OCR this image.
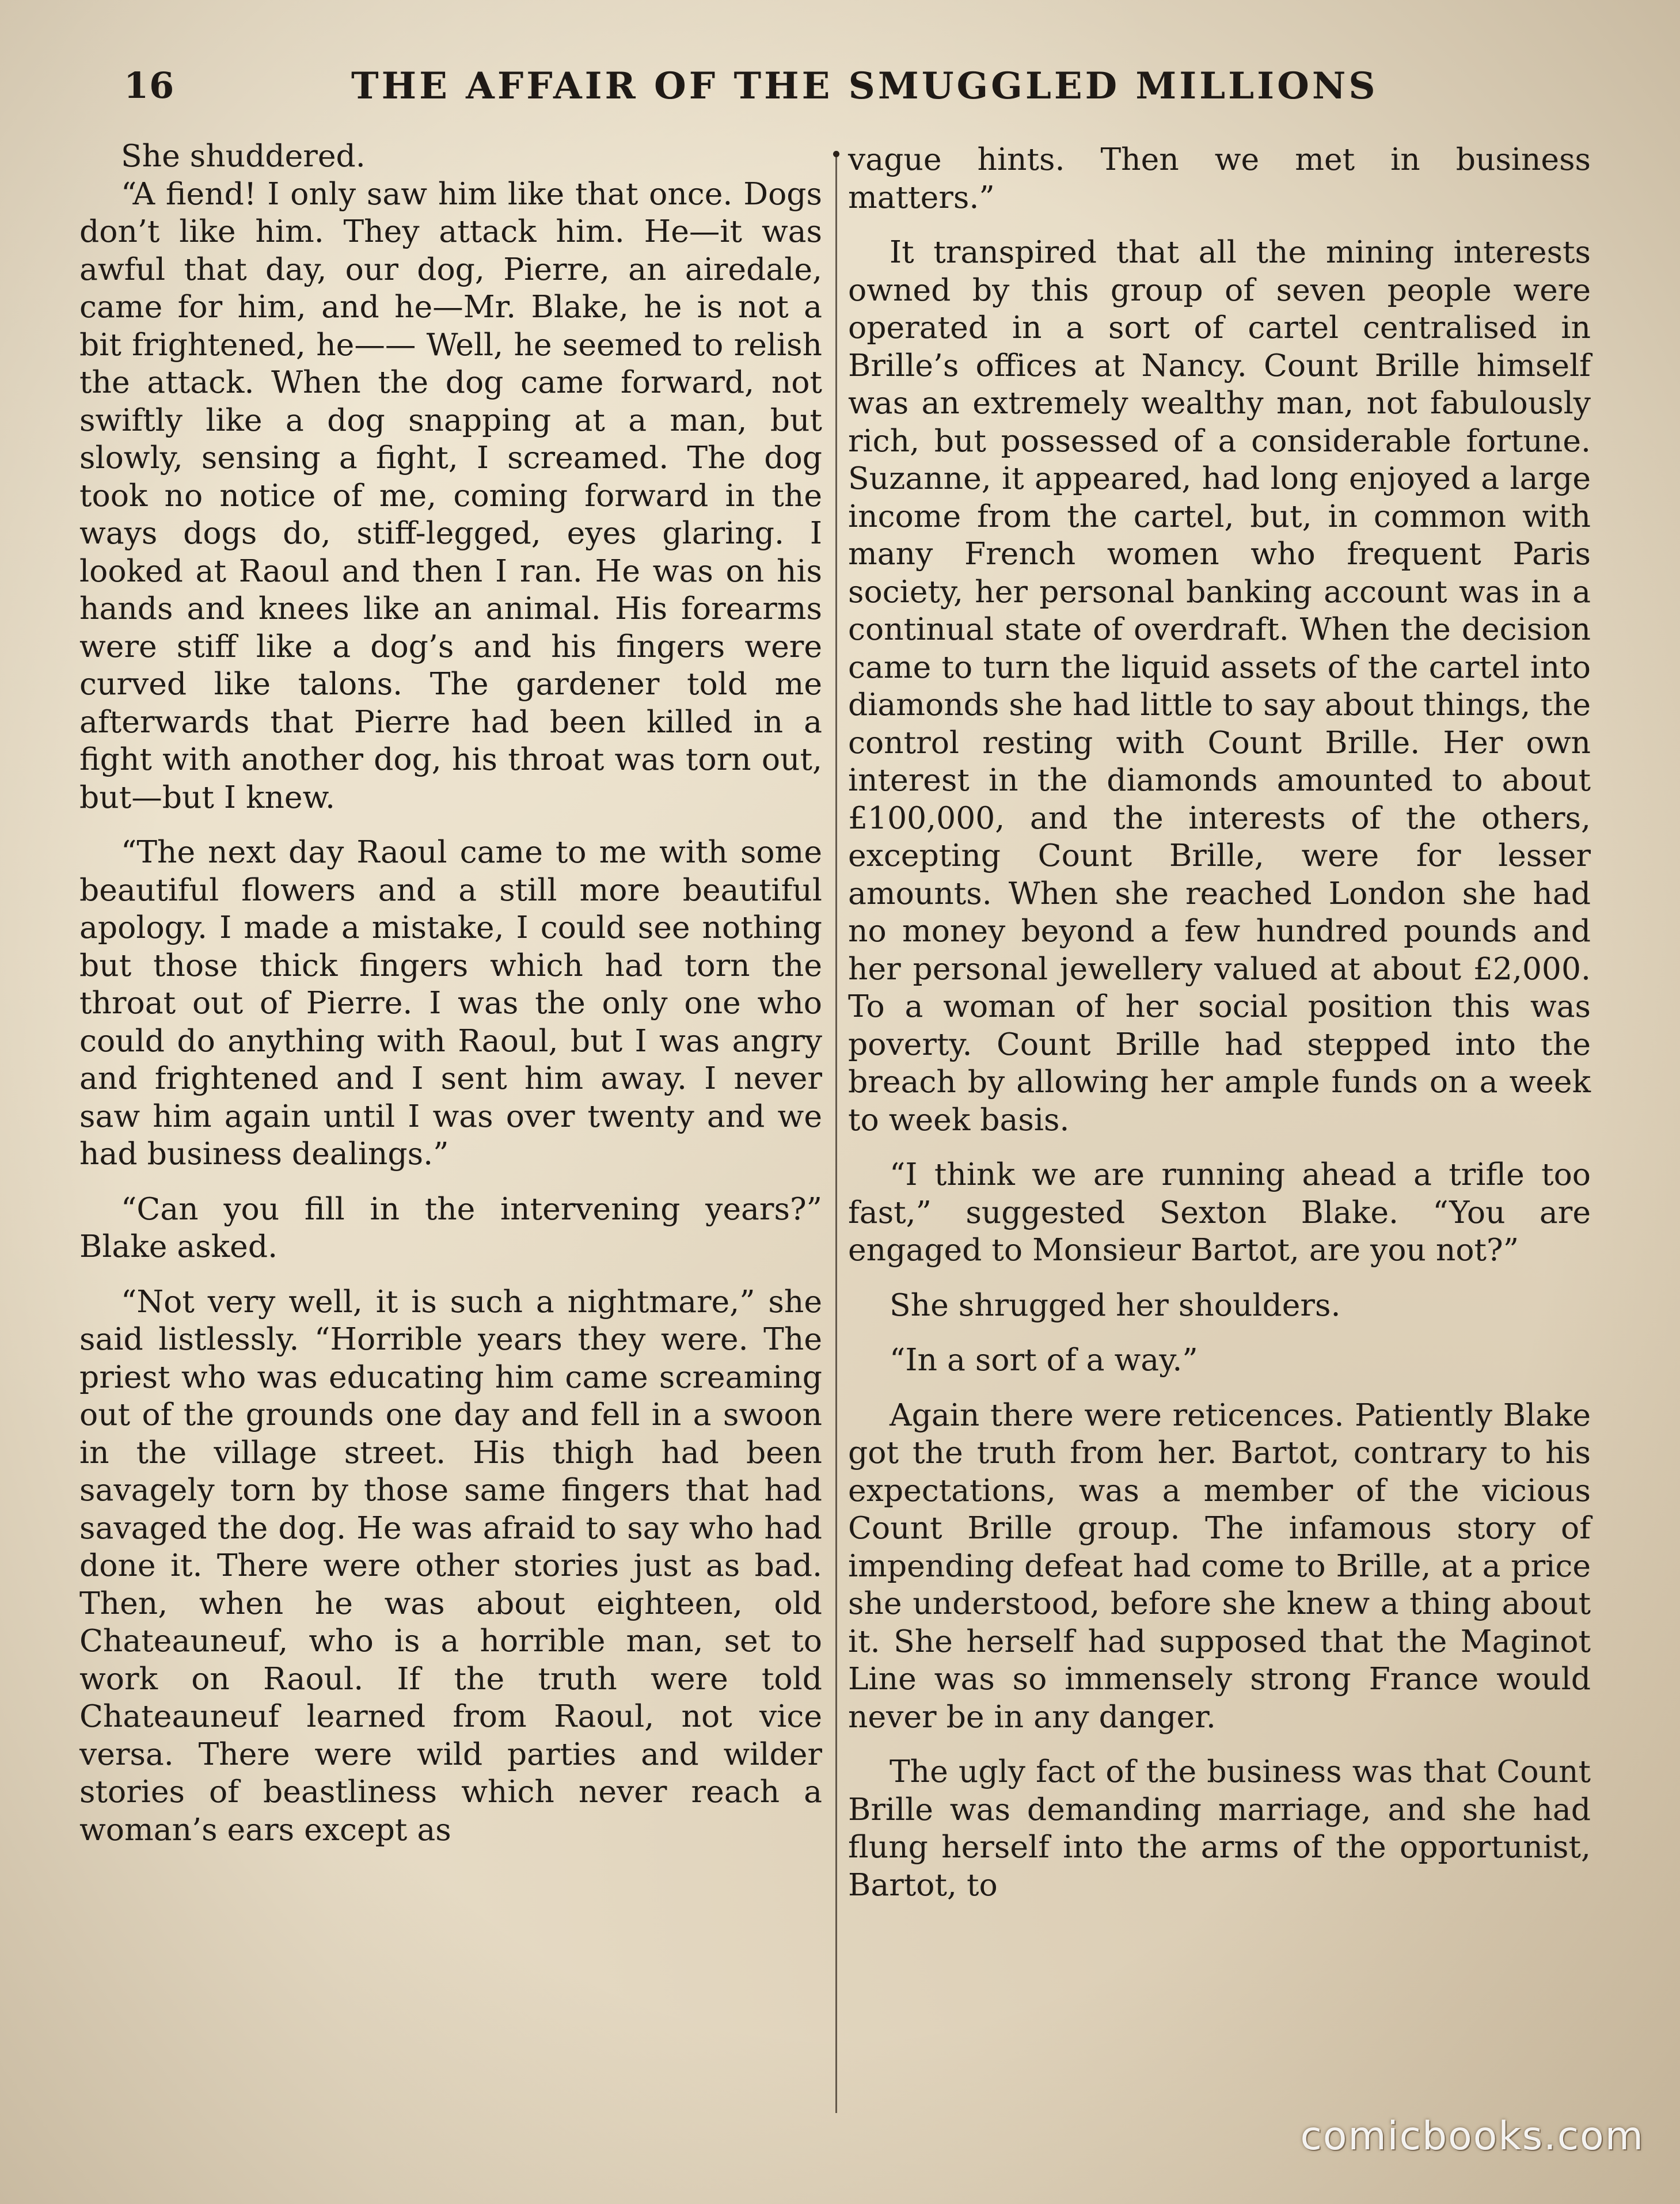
16	THE AFFAIR OF THE SMUGGLED MILLIONS

She shuddered.

“A fiend! I only saw him like that once. Dogs don’t like him. They attack him. He—it was awful that day, our dog, Pierre, an airedale, came for him, and he—Mr. Blake, he is not a bit frightened, he—— Well, he seemed to relish the attack. When the dog came forward, not swiftly like a dog snapping at a man, but slowly, sensing a fight, I screamed. The dog took no notice of me, coming forward in the ways dogs do, stiff-legged, eyes glaring. I looked at Raoul and then I ran. He was on his hands and knees like an animal. His forearms were stiff like a dog’s and his fingers were curved like talons. The gardener told me afterwards that Pierre had been killed in a fight with another dog, his throat was torn out, but—but I knew.

“The next day Raoul came to me with some beautiful flowers and a still more beautiful apology. I made a mistake, I could see nothing but those thick fingers which had torn the throat out of Pierre. I was the only one who could do anything with Raoul, but I was angry and frightened and I sent him away. I never saw him again until I was over twenty and we had business dealings.”

“Can you fill in the intervening years?” Blake asked.

“Not very well, it is such a nightmare,” she said listlessly. “Horrible years they were. The priest who was educating him came screaming out of the grounds one day and fell in a swoon in the village street. His thigh had been savagely torn by those same fingers that had savaged the dog. He was afraid to say who had done it. There were other stories just as bad. Then, when he was about eighteen, old Chateauneuf, who is a horrible man, set to work on Raoul. If the truth were told Chateauneuf learned from Raoul, not vice versa. There were wild parties and wilder stories of beastliness which never reach a woman’s ears except as

vague hints. Then we met in business matters.”

It transpired that all the mining interests owned by this group of seven people were operated in a sort of cartel centralised in Brille’s offices at Nancy. Count Brille himself was an extremely wealthy man, not fabulously rich, but possessed of a considerable fortune. Suzanne, it appeared, had long enjoyed a large income from the cartel, but, in common with many French women who frequent Paris society, her personal banking account was in a continual state of overdraft. When the decision came to turn the liquid assets of the cartel into diamonds she had little to say about things, the control resting with Count Brille. Her own interest in the diamonds amounted to about £100,000, and the interests of the others, excepting Count Brille, were for lesser amounts. When she reached London she had no money beyond a few hundred pounds and her personal jewellery valued at about £2,000. To a woman of her social position this was poverty. Count Brille had stepped into the breach by allowing her ample funds on a week to week basis.

“I think we are running ahead a trifle too fast,” suggested Sexton Blake. “You are engaged to Monsieur Bartot, are you not?”

She shrugged her shoulders.

“In a sort of a way.”

Again there were reticences. Patiently Blake got the truth from her. Bartot, contrary to his expectations, was a member of the vicious Count Brille group. The infamous story of impending defeat had come to Brille, at a price she understood, before she knew a thing about it. She herself had supposed that the Maginot Line was so immensely strong France would never be in any danger.

The ugly fact of the business was that Count Brille was demanding marriage, and she had flung herself into the arms of the opportunist, Bartot, to

comicbooks.com
